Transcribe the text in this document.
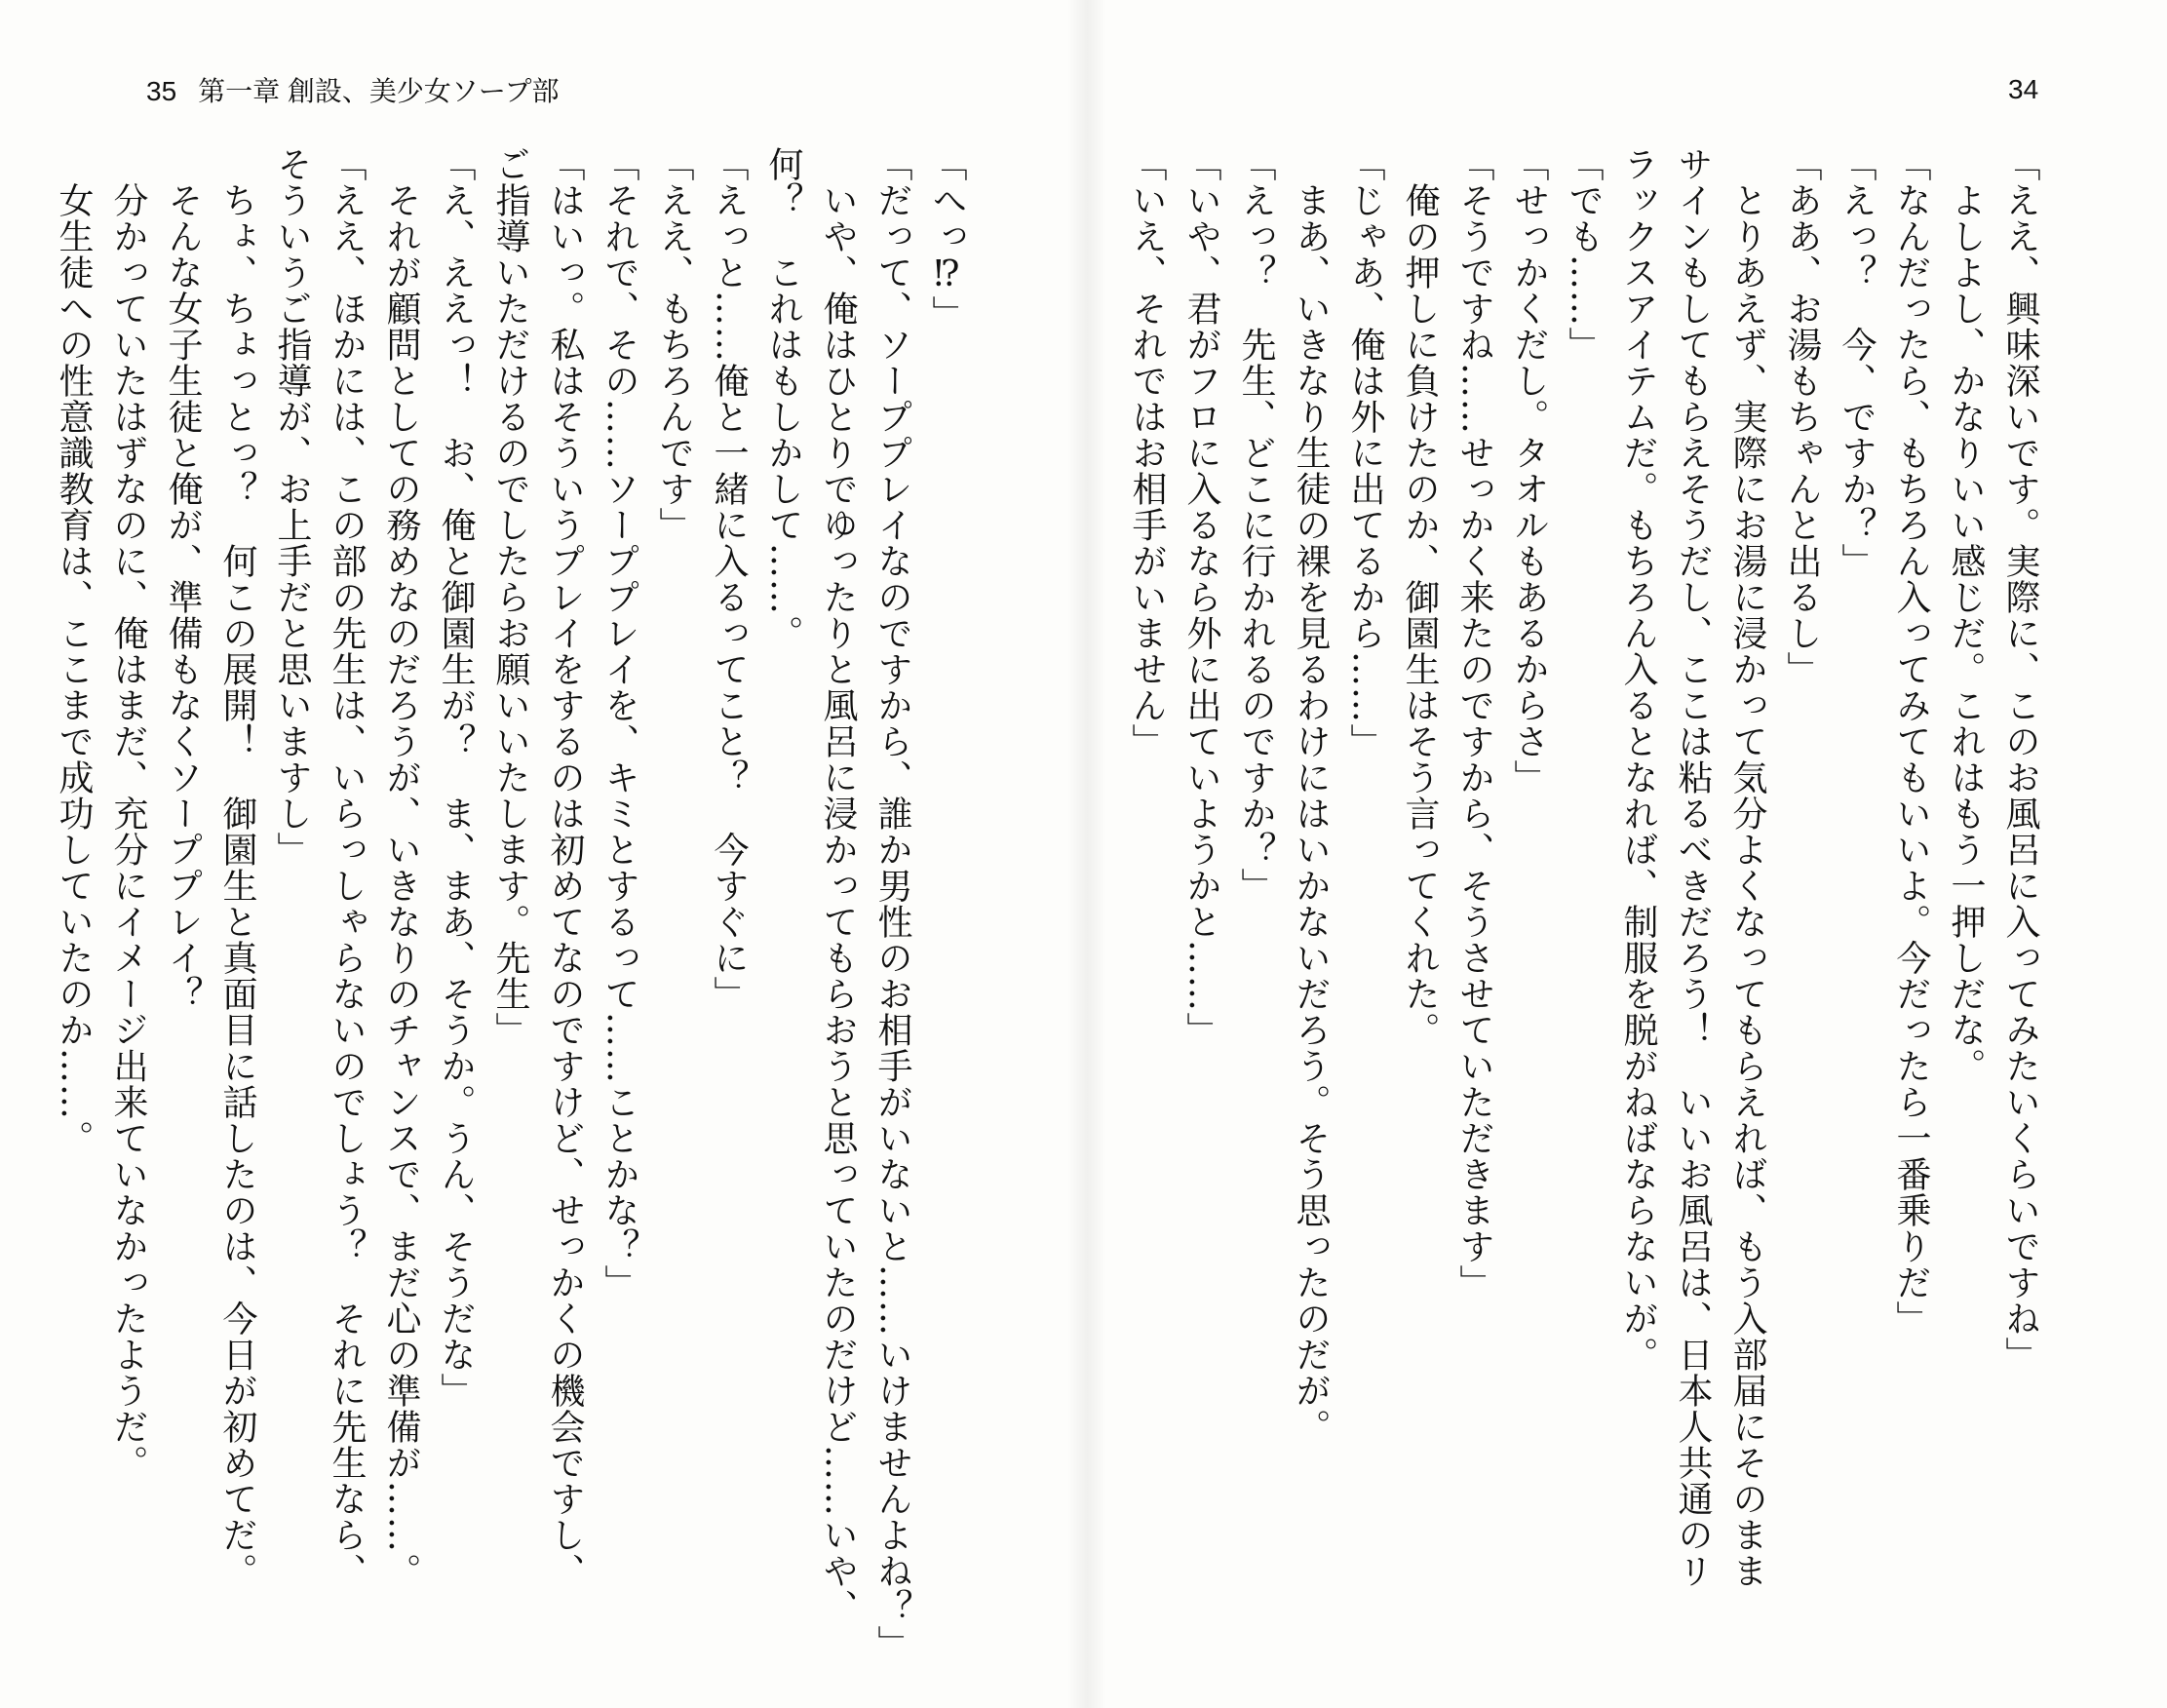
35 第一章 創設、美少女ソープ部	34
「ええ、興味深いです。実際に、このお風呂に入ってみたいくらいですね」
　よしよし、かなりいい感じだ。これはもう一押しだな。
「なんだったら、もちろん入ってみてもいいよ。今だったら一番乗りだ」
「えっ？　今、ですか？」
「ああ、お湯もちゃんと出るし」
　とりあえず、実際にお湯に浸かって気分よくなってもらえれば、もう入部届にそのまま
サインもしてもらえそうだし、ここは粘るべきだろう！　いいお風呂は、日本人共通のリ
ラックスアイテムだ。もちろん入るとなれば、制服を脱がねばならないが。
「でも……」
「せっかくだし。タオルもあるからさ」
「そうですね……せっかく来たのですから、そうさせていただきます」
　俺の押しに負けたのか、御園生はそう言ってくれた。
「じゃあ、俺は外に出てるから……」
　まあ、いきなり生徒の裸を見るわけにはいかないだろう。そう思ったのだが。
「えっ？　先生、どこに行かれるのですか？」
「いや、君がフロに入るなら外に出ていようかと……」
「いえ、それではお相手がいません」
「へっ⁉」
「だって、ソーププレイなのですから、誰か男性のお相手がいないと……いけませんよね？」
　いや、俺はひとりでゆったりと風呂に浸かってもらおうと思っていたのだけど……いや、
何？　これはもしかして……。
「えっと……俺と一緒に入るってこと？　今すぐに」
「ええ、もちろんです」
「それで、その……ソーププレイを、キミとするって……ことかな？」
「はいっ。私はそういうプレイをするのは初めてなのですけど、せっかくの機会ですし、
ご指導いただけるのでしたらお願いいたします。先生」
「え、ええっ！　お、俺と御園生が？　ま、まあ、そうか。うん、そうだな」
　それが顧問としての務めなのだろうが、いきなりのチャンスで、まだ心の準備が……。
「ええ、ほかには、この部の先生は、いらっしゃらないのでしょう？　それに先生なら、
そういうご指導が、お上手だと思いますし」
　ちょ、ちょっとっ？　何この展開！　御園生と真面目に話したのは、今日が初めてだ。
　そんな女子生徒と俺が、準備もなくソーププレイ？
　分かっていたはずなのに、俺はまだ、充分にイメージ出来ていなかったようだ。
　女生徒への性意識教育は、ここまで成功していたのか……。
